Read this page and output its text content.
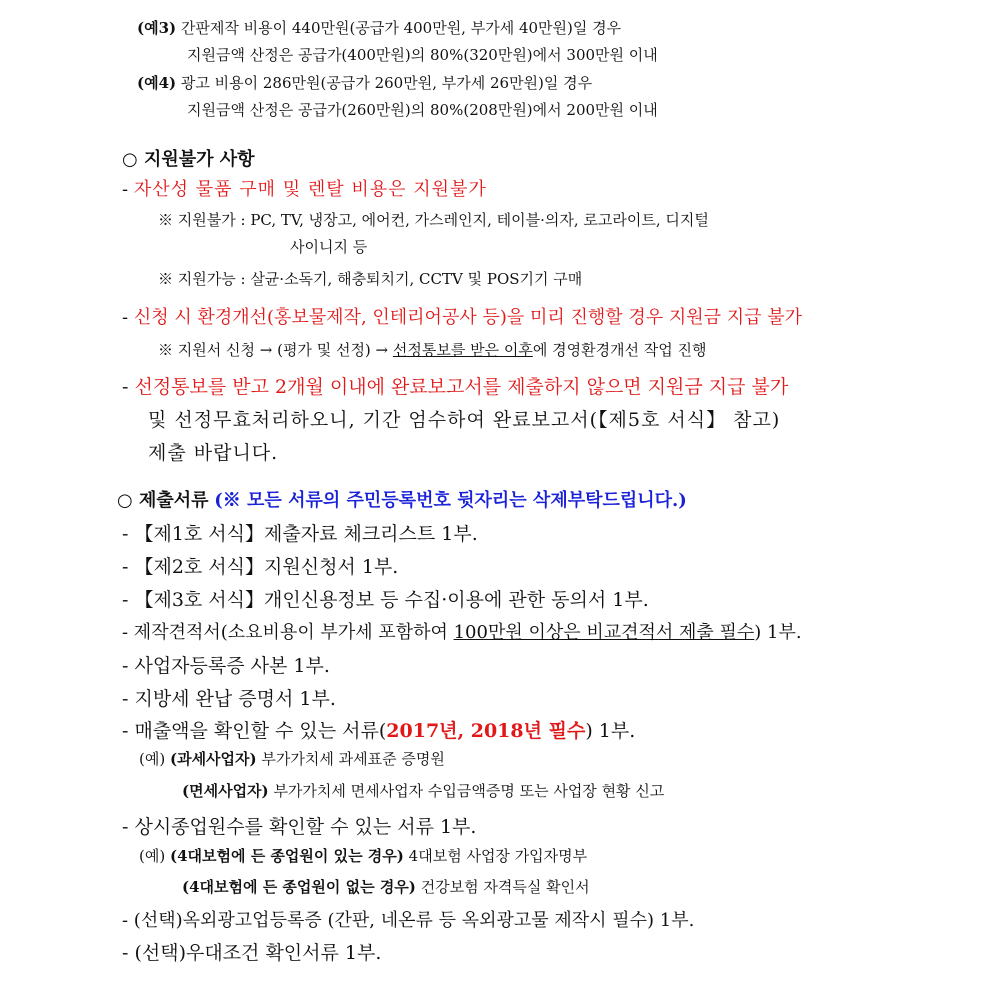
(예3) 간판제작 비용이 440만원(공급가 400만원, 부가세 40만원)일 경우
지원금액 산정은 공급가(400만원)의 80%(320만원)에서 300만원 이내
(예4) 광고 비용이 286만원(공급가 260만원, 부가세 26만원)일 경우
지원금액 산정은 공급가(260만원)의 80%(208만원)에서 200만원 이내
○ 지원불가 사항
- 자산성 물품 구매 및 렌탈 비용은 지원불가
※ 지원불가 : PC, TV, 냉장고, 에어컨, 가스레인지, 테이블·의자, 로고라이트, 디지털
사이니지 등
※ 지원가능 : 살균·소독기, 해충퇴치기, CCTV 및 POS기기 구매
- 신청 시 환경개선(홍보물제작, 인테리어공사 등)을 미리 진행할 경우 지원금 지급 불가
※ 지원서 신청 → (평가 및 선정) → 선정통보를 받은 이후에 경영환경개선 작업 진행
- 선정통보를 받고 2개월 이내에 완료보고서를 제출하지 않으면 지원금 지급 불가
및 선정무효처리하오니, 기간 엄수하여 완료보고서(【제5호 서식】 참고)
제출 바랍니다.
○ 제출서류 (※ 모든 서류의 주민등록번호 뒷자리는 삭제부탁드립니다.)
- 【제1호 서식】제출자료 체크리스트 1부.
- 【제2호 서식】지원신청서 1부.
- 【제3호 서식】개인신용정보 등 수집·이용에 관한 동의서 1부.
- 제작견적서(소요비용이 부가세 포함하여 100만원 이상은 비교견적서 제출 필수) 1부.
- 사업자등록증 사본 1부.
- 지방세 완납 증명서 1부.
- 매출액을 확인할 수 있는 서류(2017년, 2018년 필수) 1부.
(예) (과세사업자) 부가가치세 과세표준 증명원
(면세사업자) 부가가치세 면세사업자 수입금액증명 또는 사업장 현황 신고
- 상시종업원수를 확인할 수 있는 서류 1부.
(예) (4대보험에 든 종업원이 있는 경우) 4대보험 사업장 가입자명부
(4대보험에 든 종업원이 없는 경우) 건강보험 자격득실 확인서
- (선택)옥외광고업등록증 (간판, 네온류 등 옥외광고물 제작시 필수) 1부.
- (선택)우대조건 확인서류 1부.
